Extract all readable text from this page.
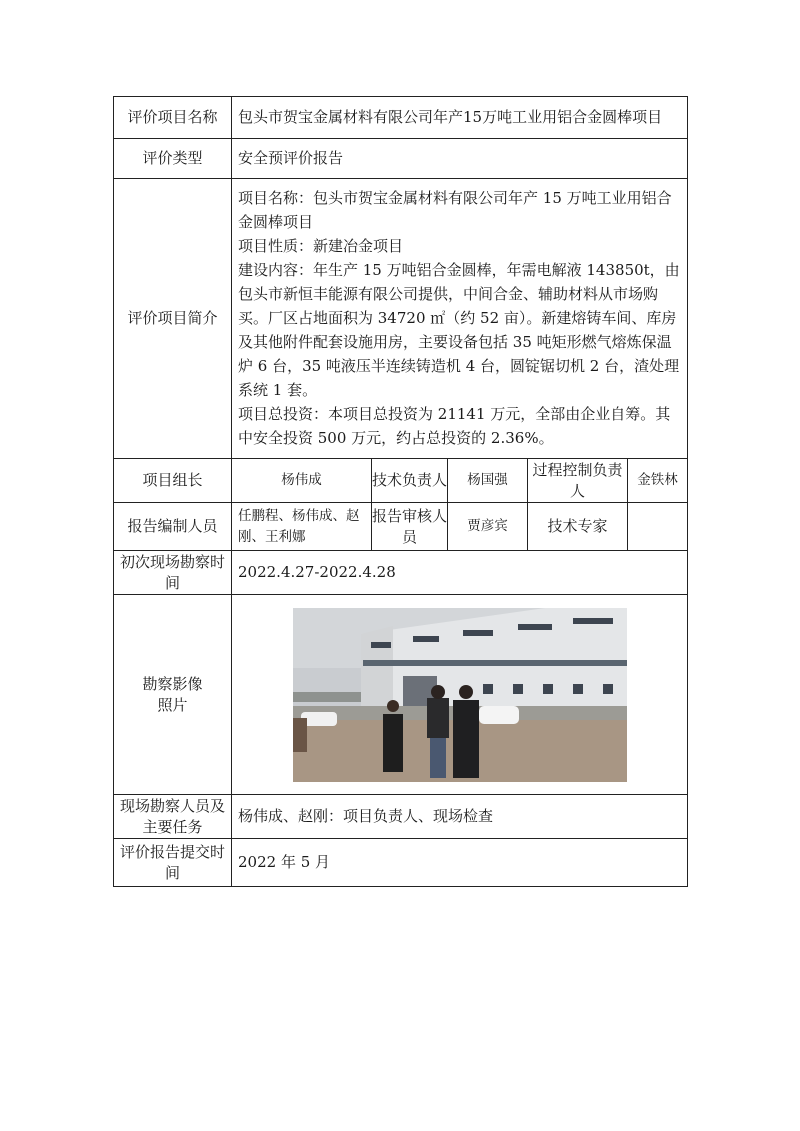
评价项目名称	包头市贺宝金属材料有限公司年产15万吨工业用铝合金圆棒项目				
评价类型	安全预评价报告				
评价项目简介	项目名称：包头市贺宝金属材料有限公司年产 15 万吨工业用铝合金圆棒项目

项目性质：新建冶金项目

建设内容：年生产 15 万吨铝合金圆棒，年需电解液 143850t，由包头市新恒丰能源有限公司提供，中间合金、辅助材料从市场购买。厂区占地面积为 34720 ㎡（约 52 亩）。新建熔铸车间、库房及其他附件配套设施用房，主要设备包括 35 吨矩形燃气熔炼保温炉 6 台，35 吨液压半连续铸造机 4 台，圆锭锯切机 2 台，渣处理系统 1 套。

项目总投资：本项目总投资为 21141 万元，全部由企业自筹。其中安全投资 500 万元，约占总投资的 2.36%。				

项目组长	杨伟成	技术负责人	杨国强	过程控制负责人	金铁林
报告编制人员	任鹏程、杨伟成、赵刚、王利娜	报告审核人员	贾彦宾	技术专家	
初次现场勘察时间	2022.4.27-2022.4.28				
勘察影像照片	

现场勘察人员及主要任务	杨伟成、赵刚：项目负责人、现场检查				
评价报告提交时间	2022 年 5 月				
